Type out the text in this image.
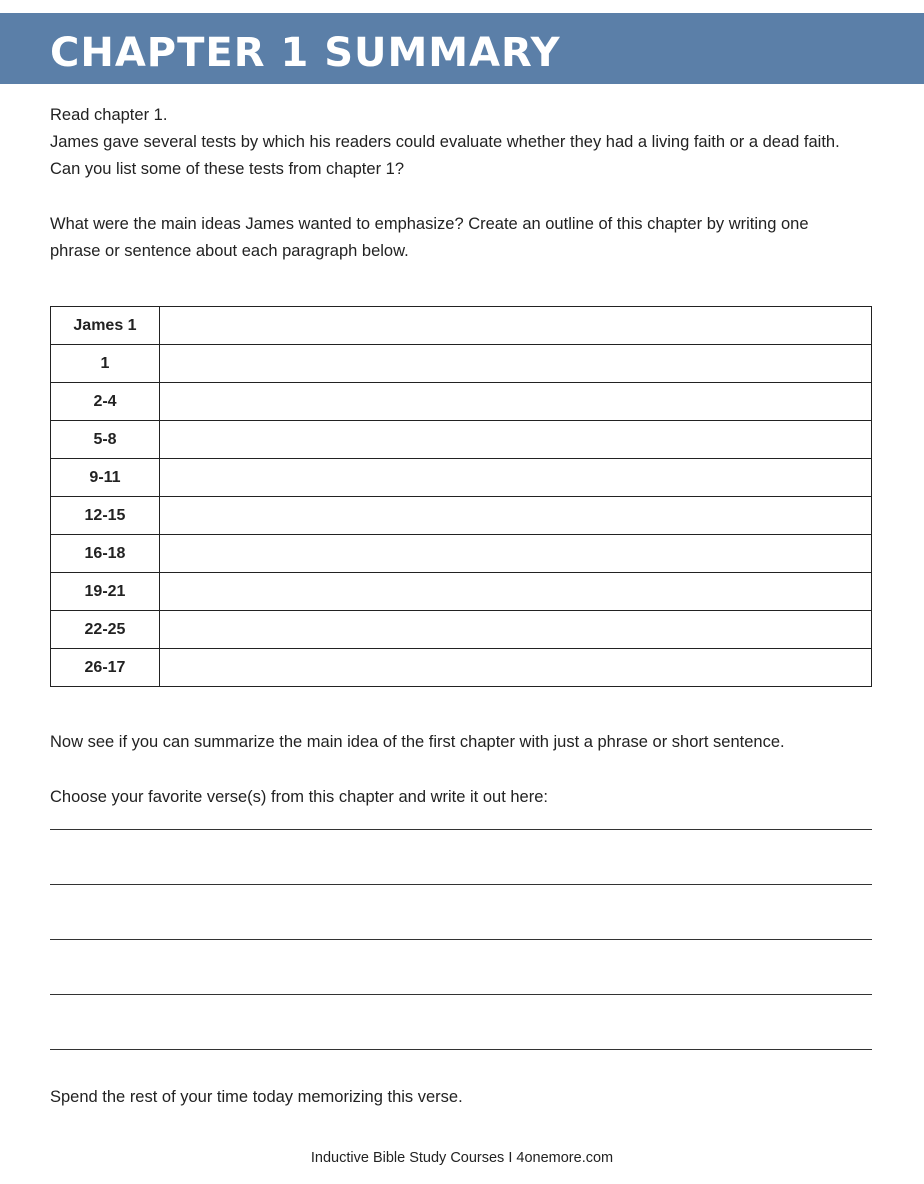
CHAPTER 1 SUMMARY
Read chapter 1.
James gave several tests by which his readers could evaluate whether they had a living faith or a dead faith.
Can you list some of these tests from chapter 1?
What were the main ideas James wanted to emphasize? Create an outline of this chapter by writing one
phrase or sentence about each paragraph below.
James 1	
1	
2-4	
5-8	
9-11	
12-15	
16-18	
19-21	
22-25	
26-17	
Now see if you can summarize the main idea of the first chapter with just a phrase or short sentence.
Choose your favorite verse(s) from this chapter and write it out here:
Spend the rest of your time today memorizing this verse.
Inductive Bible Study Courses I 4onemore.com
